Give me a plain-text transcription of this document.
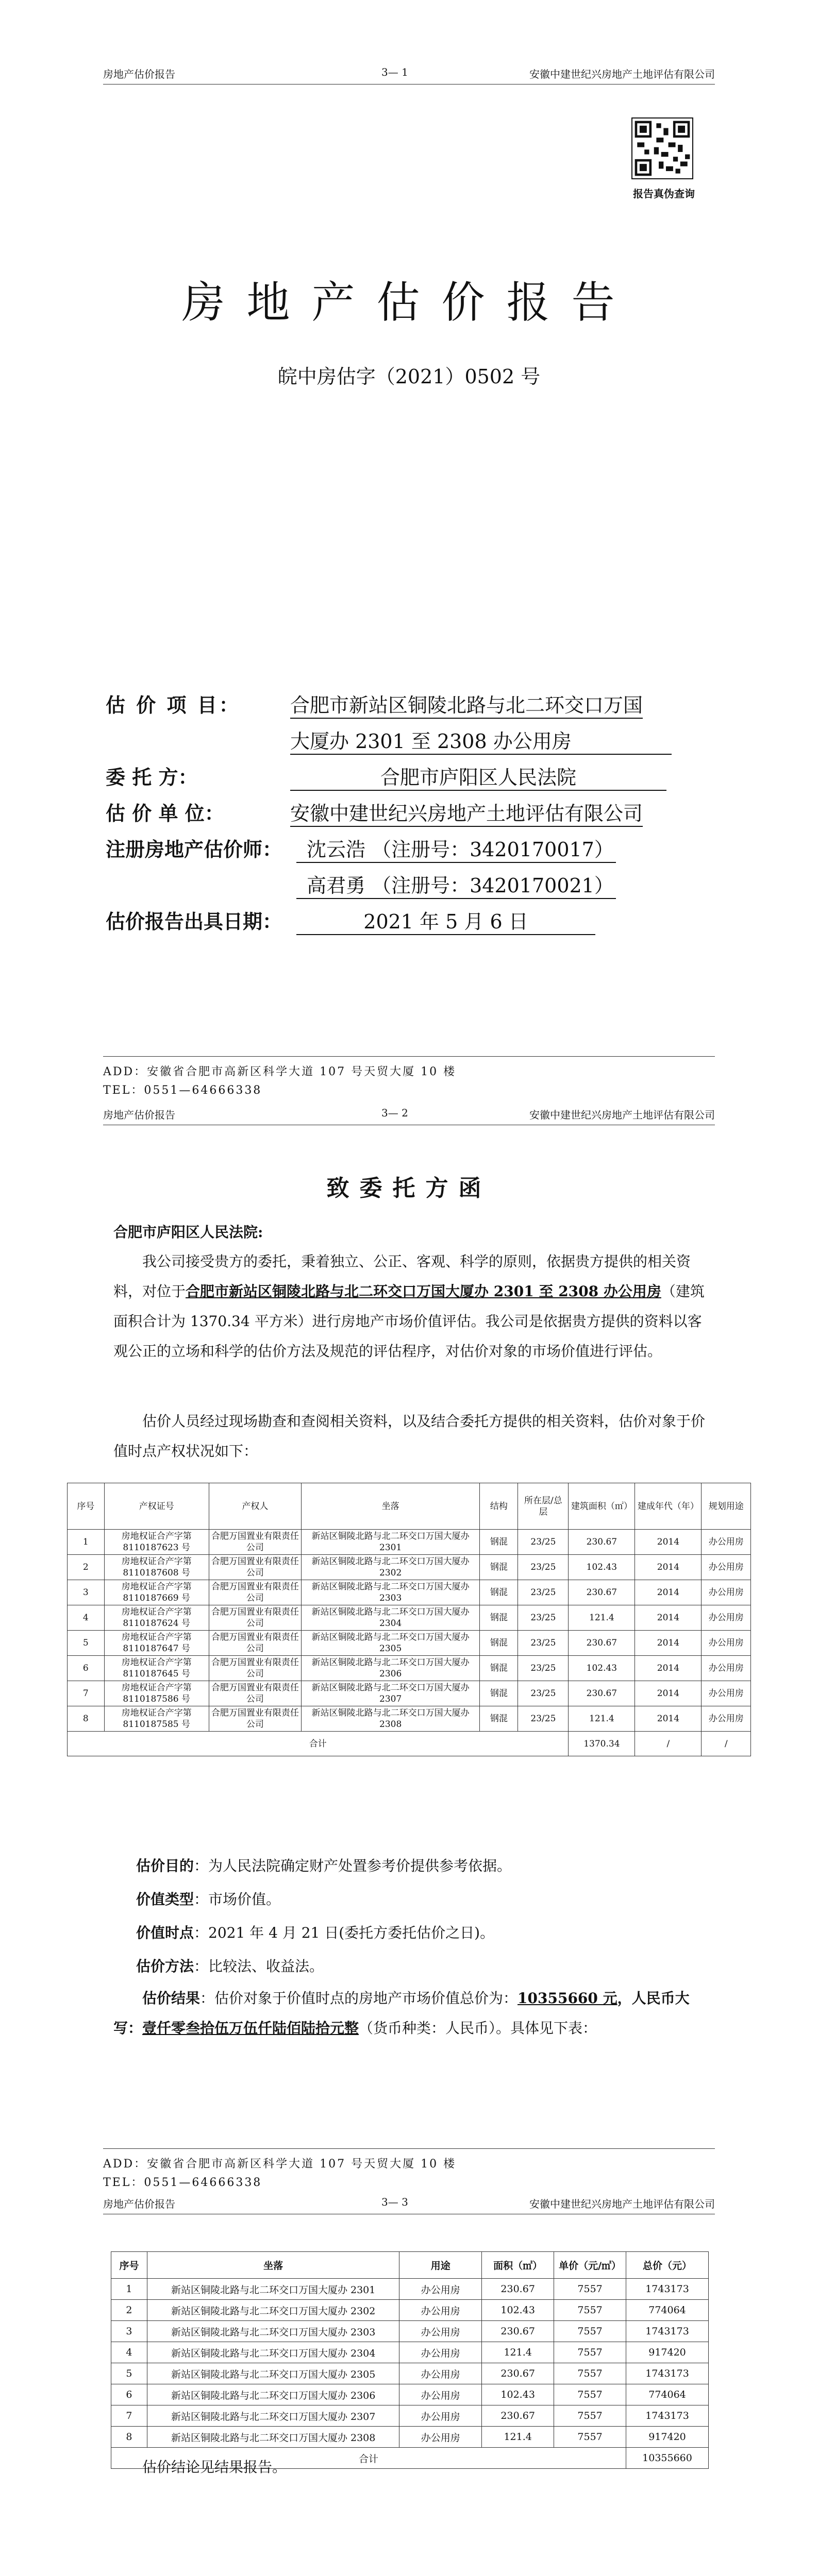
房地产估价报告	3— 1	安徽中建世纪兴房地产土地评估有限公司
报告真伪查询
房地产估价报告
皖中房估字（2021）0502 号
估 价 项 目：	合肥市新站区铜陵北路与北二环交口万国
大厦办 2301 至 2308 办公用房
委 托 方：	合肥市庐阳区人民法院
估 价 单 位：	安徽中建世纪兴房地产土地评估有限公司
注册房地产估价师：	沈云浩 （注册号：3420170017）
高君勇 （注册号：3420170021）
估价报告出具日期：	2021 年 5 月 6 日
ADD：安徽省合肥市高新区科学大道 107 号天贸大厦 10 楼
TEL：0551—64666338
房地产估价报告	3— 2	安徽中建世纪兴房地产土地评估有限公司
致委托方函
合肥市庐阳区人民法院:
我公司接受贵方的委托，秉着独立、公正、客观、科学的原则，依据贵方提供的相关资料，对位于合肥市新站区铜陵北路与北二环交口万国大厦办 2301 至 2308 办公用房（建筑面积合计为 1370.34 平方米）进行房地产市场价值评估。我公司是依据贵方提供的资料以客观公正的立场和科学的估价方法及规范的评估程序，对估价对象的市场价值进行评估。
估价人员经过现场勘查和查阅相关资料，以及结合委托方提供的相关资料，估价对象于价值时点产权状况如下：
序号	产权证号	产权人	坐落	结构	所在层/总层	建筑面积（㎡）	建成年代（年）	规划用途
1	房地权证合产字第 8110187623 号	合肥万国置业有限责任公司	新站区铜陵北路与北二环交口万国大厦办 2301	钢混	23/25	230.67	2014	办公用房
2	房地权证合产字第 8110187608 号	合肥万国置业有限责任公司	新站区铜陵北路与北二环交口万国大厦办 2302	钢混	23/25	102.43	2014	办公用房
3	房地权证合产字第 8110187669 号	合肥万国置业有限责任公司	新站区铜陵北路与北二环交口万国大厦办 2303	钢混	23/25	230.67	2014	办公用房
4	房地权证合产字第 8110187624 号	合肥万国置业有限责任公司	新站区铜陵北路与北二环交口万国大厦办 2304	钢混	23/25	121.4	2014	办公用房
5	房地权证合产字第 8110187647 号	合肥万国置业有限责任公司	新站区铜陵北路与北二环交口万国大厦办 2305	钢混	23/25	230.67	2014	办公用房
6	房地权证合产字第 8110187645 号	合肥万国置业有限责任公司	新站区铜陵北路与北二环交口万国大厦办 2306	钢混	23/25	102.43	2014	办公用房
7	房地权证合产字第 8110187586 号	合肥万国置业有限责任公司	新站区铜陵北路与北二环交口万国大厦办 2307	钢混	23/25	230.67	2014	办公用房
8	房地权证合产字第 8110187585 号	合肥万国置业有限责任公司	新站区铜陵北路与北二环交口万国大厦办 2308	钢混	23/25	121.4	2014	办公用房
合计						1370.34	/	/
估价目的：为人民法院确定财产处置参考价提供参考依据。
价值类型：市场价值。
价值时点：2021 年 4 月 21 日(委托方委托估价之日)。
估价方法：比较法、收益法。
估价结果：估价对象于价值时点的房地产市场价值总价为：10355660 元，人民币大写：壹仟零叁拾伍万伍仟陆佰陆拾元整（货币种类：人民币）。具体见下表：
ADD：安徽省合肥市高新区科学大道 107 号天贸大厦 10 楼
TEL：0551—64666338
房地产估价报告	3— 3	安徽中建世纪兴房地产土地评估有限公司
序号	坐落	用途	面积（㎡）	单价（元/㎡）	总价（元）
1	新站区铜陵北路与北二环交口万国大厦办 2301	办公用房	230.67	7557	1743173
2	新站区铜陵北路与北二环交口万国大厦办 2302	办公用房	102.43	7557	774064
3	新站区铜陵北路与北二环交口万国大厦办 2303	办公用房	230.67	7557	1743173
4	新站区铜陵北路与北二环交口万国大厦办 2304	办公用房	121.4	7557	917420
5	新站区铜陵北路与北二环交口万国大厦办 2305	办公用房	230.67	7557	1743173
6	新站区铜陵北路与北二环交口万国大厦办 2306	办公用房	102.43	7557	774064
7	新站区铜陵北路与北二环交口万国大厦办 2307	办公用房	230.67	7557	1743173
8	新站区铜陵北路与北二环交口万国大厦办 2308	办公用房	121.4	7557	917420
合计					10355660
估价结论见结果报告。
